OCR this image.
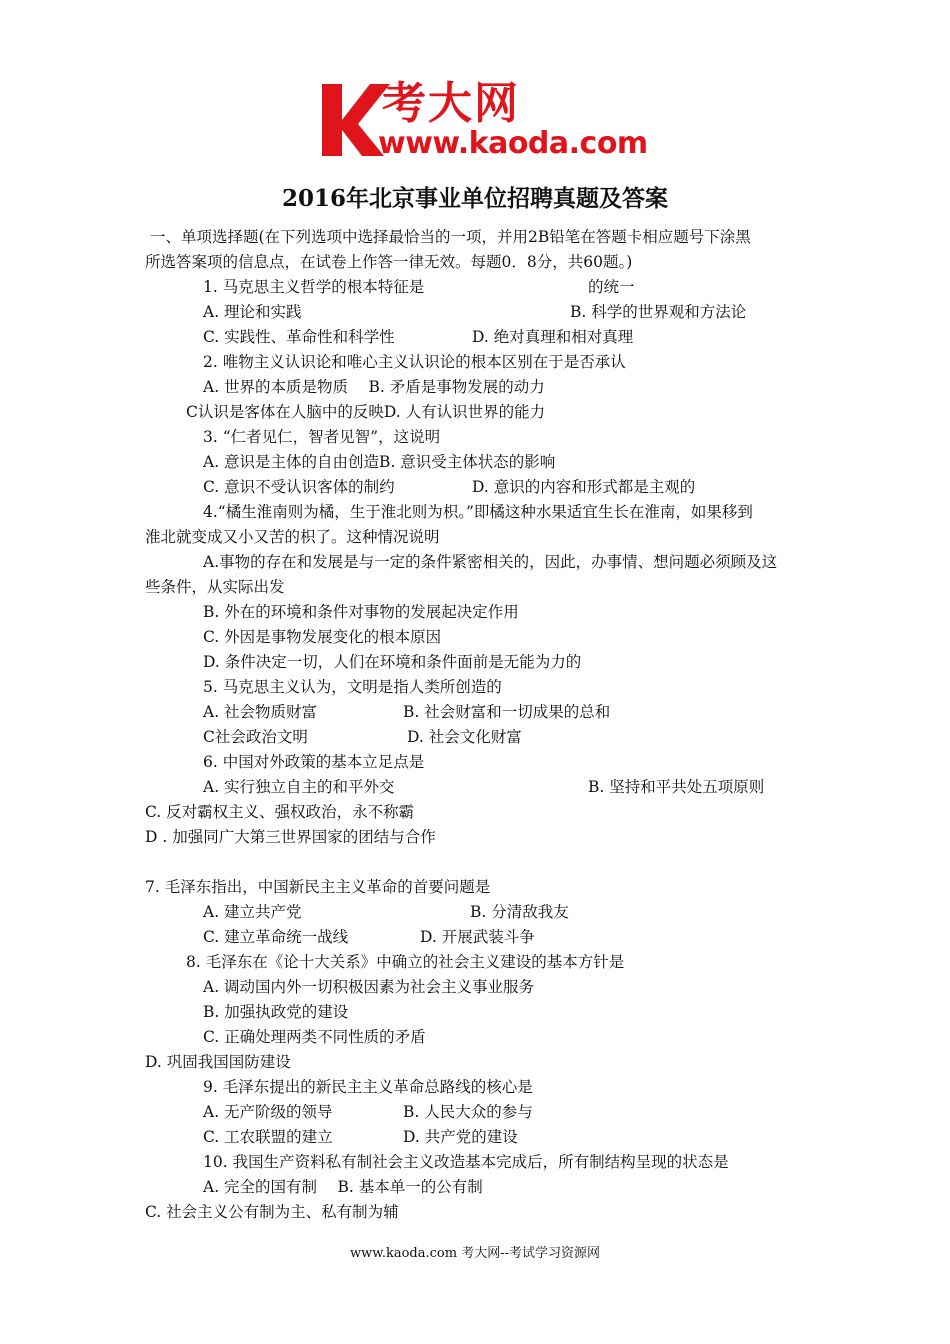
考大网
www.kaoda.com
2016年北京事业单位招聘真题及答案
一、单项选择题(在下列选项中选择最恰当的一项，并用2B铅笔在答题卡相应题号下涂黑
所选答案项的信息点，在试卷上作答一律无效。每题0．8分，共60题。)
1. 马克思主义哲学的根本特征是	的统一
A. 理论和实践	B. 科学的世界观和方法论
C. 实践性、革命性和科学性	D. 绝对真理和相对真理
2. 唯物主义认识论和唯心主义认识论的根本区别在于是否承认
A. 世界的本质是物质　 B. 矛盾是事物发展的动力
C认识是客体在人脑中的反映D. 人有认识世界的能力
3. “仁者见仁，智者见智”，这说明
A. 意识是主体的自由创造B. 意识受主体状态的影响
C. 意识不受认识客体的制约	D. 意识的内容和形式都是主观的
4.“橘生淮南则为橘，生于淮北则为枳。”即橘这种水果适宜生长在淮南，如果移到
淮北就变成又小又苦的枳了。这种情况说明
A.事物的存在和发展是与一定的条件紧密相关的，因此，办事情、想问题必须顾及这
些条件，从实际出发
B. 外在的环境和条件对事物的发展起决定作用
C. 外因是事物发展变化的根本原因
D. 条件决定一切，人们在环境和条件面前是无能为力的
5. 马克思主义认为，文明是指人类所创造的
A. 社会物质财富	B. 社会财富和一切成果的总和
C社会政治文明	D. 社会文化财富
6. 中国对外政策的基本立足点是
A. 实行独立自主的和平外交	B. 坚持和平共处五项原则
C. 反对霸权主义、强权政治，永不称霸
D . 加强同广大第三世界国家的团结与合作
7. 毛泽东指出，中国新民主主义革命的首要问题是
A. 建立共产党	B. 分清敌我友
C. 建立革命统一战线	D. 开展武装斗争
8. 毛泽东在《论十大关系》中确立的社会主义建设的基本方针是
A. 调动国内外一切积极因素为社会主义事业服务
B. 加强执政党的建设
C. 正确处理两类不同性质的矛盾
D. 巩固我国国防建设
9. 毛泽东提出的新民主主义革命总路线的核心是
A. 无产阶级的领导	B. 人民大众的参与
C. 工农联盟的建立	D. 共产党的建设
10. 我国生产资料私有制社会主义改造基本完成后，所有制结构呈现的状态是
A. 完全的国有制　 B. 基本单一的公有制
C. 社会主义公有制为主、私有制为辅
www.kaoda.com 考大网--考试学习资源网
